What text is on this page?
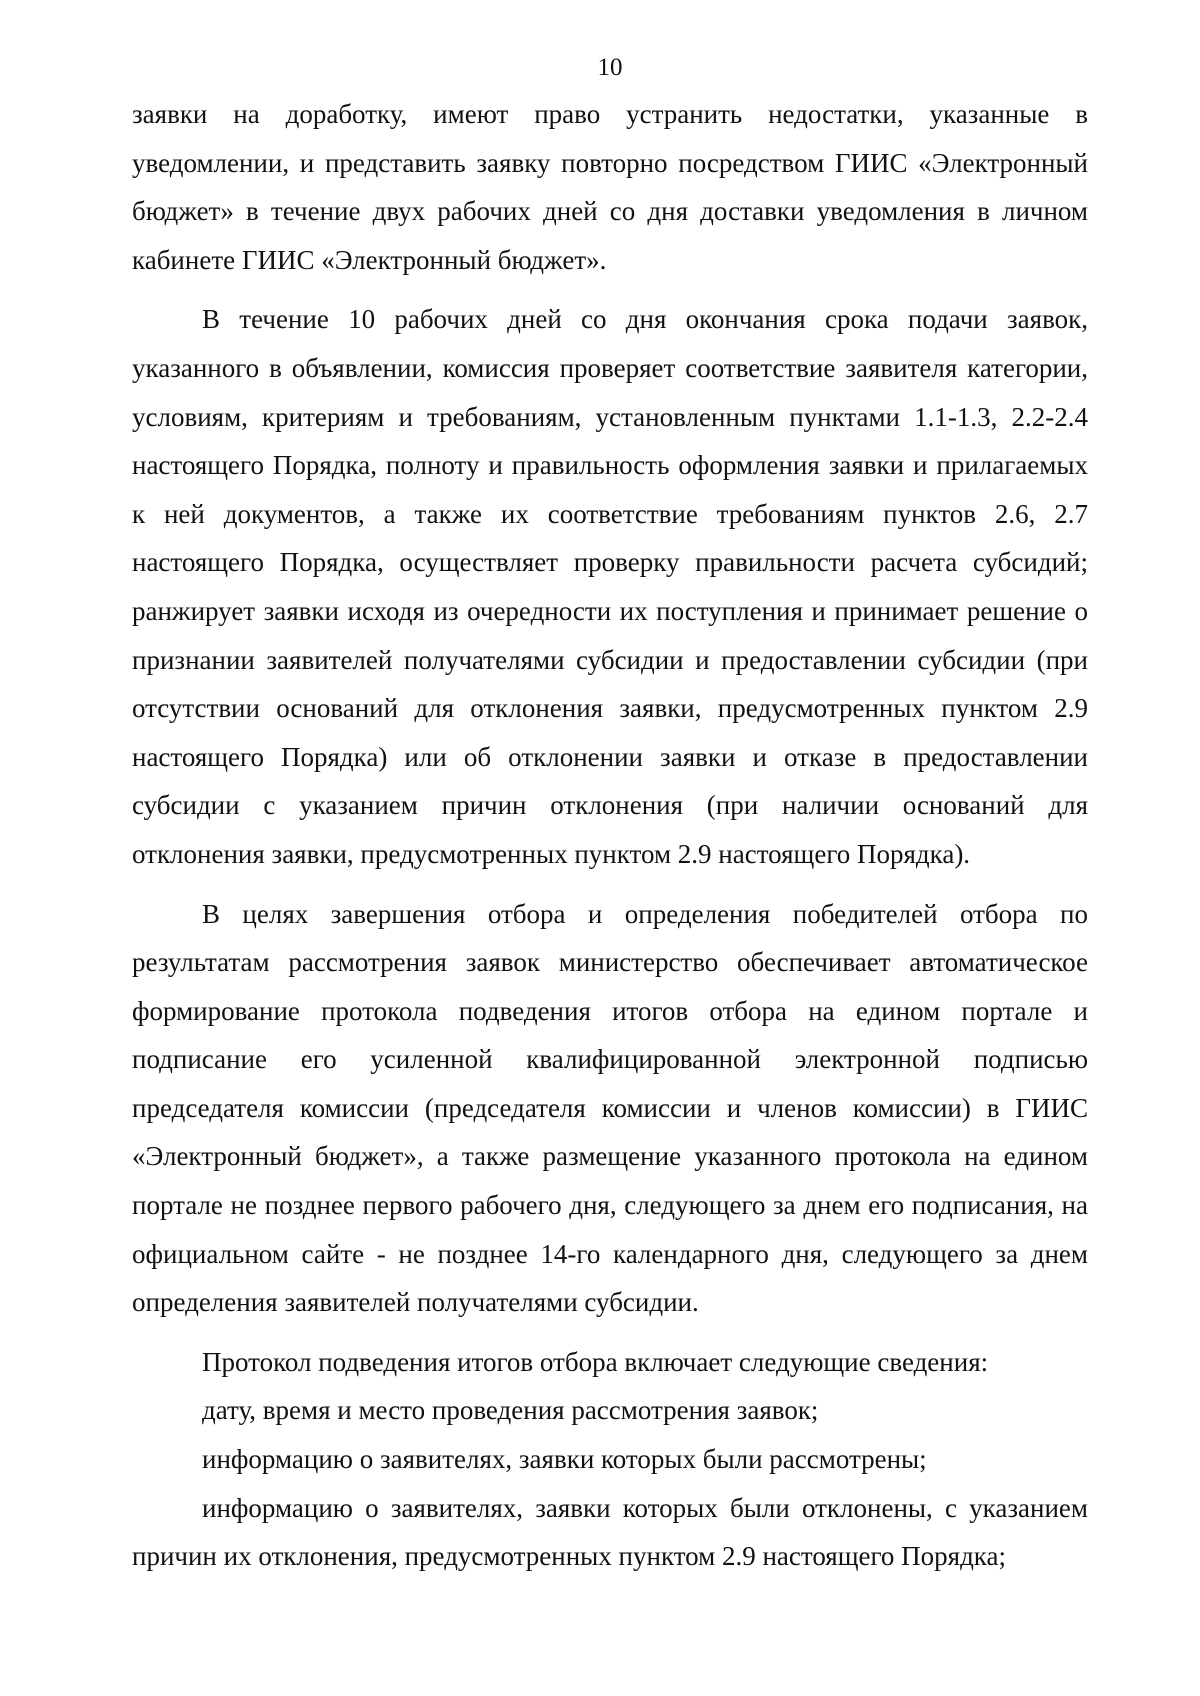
10

заявки на доработку, имеют право устранить недостатки, указанные в уведомлении, и представить заявку повторно посредством ГИИС «Электронный бюджет» в течение двух рабочих дней со дня доставки уведомления в личном кабинете ГИИС «Электронный бюджет».

В течение 10 рабочих дней со дня окончания срока подачи заявок, указанного в объявлении, комиссия проверяет соответствие заявителя категории, условиям, критериям и требованиям, установленным пунктами 1.1-1.3, 2.2-2.4 настоящего Порядка, полноту и правильность оформления заявки и прилагаемых к ней документов, а также их соответствие требованиям пунктов 2.6, 2.7 настоящего Порядка, осуществляет проверку правильности расчета субсидий; ранжирует заявки исходя из очередности их поступления и принимает решение о признании заявителей получателями субсидии и предоставлении субсидии (при отсутствии оснований для отклонения заявки, предусмотренных пунктом 2.9 настоящего Порядка) или об отклонении заявки и отказе в предоставлении субсидии с указанием причин отклонения (при наличии оснований для отклонения заявки, предусмотренных пунктом 2.9 настоящего Порядка).

В целях завершения отбора и определения победителей отбора по результатам рассмотрения заявок министерство обеспечивает автоматическое формирование протокола подведения итогов отбора на едином портале и подписание его усиленной квалифицированной электронной подписью председателя комиссии (председателя комиссии и членов комиссии) в ГИИС «Электронный бюджет», а также размещение указанного протокола на едином портале не позднее первого рабочего дня, следующего за днем его подписания, на официальном сайте - не позднее 14-го календарного дня, следующего за днем определения заявителей получателями субсидии.

Протокол подведения итогов отбора включает следующие сведения:

дату, время и место проведения рассмотрения заявок;

информацию о заявителях, заявки которых были рассмотрены;

информацию о заявителях, заявки которых были отклонены, с указанием причин их отклонения, предусмотренных пунктом 2.9 настоящего Порядка;
